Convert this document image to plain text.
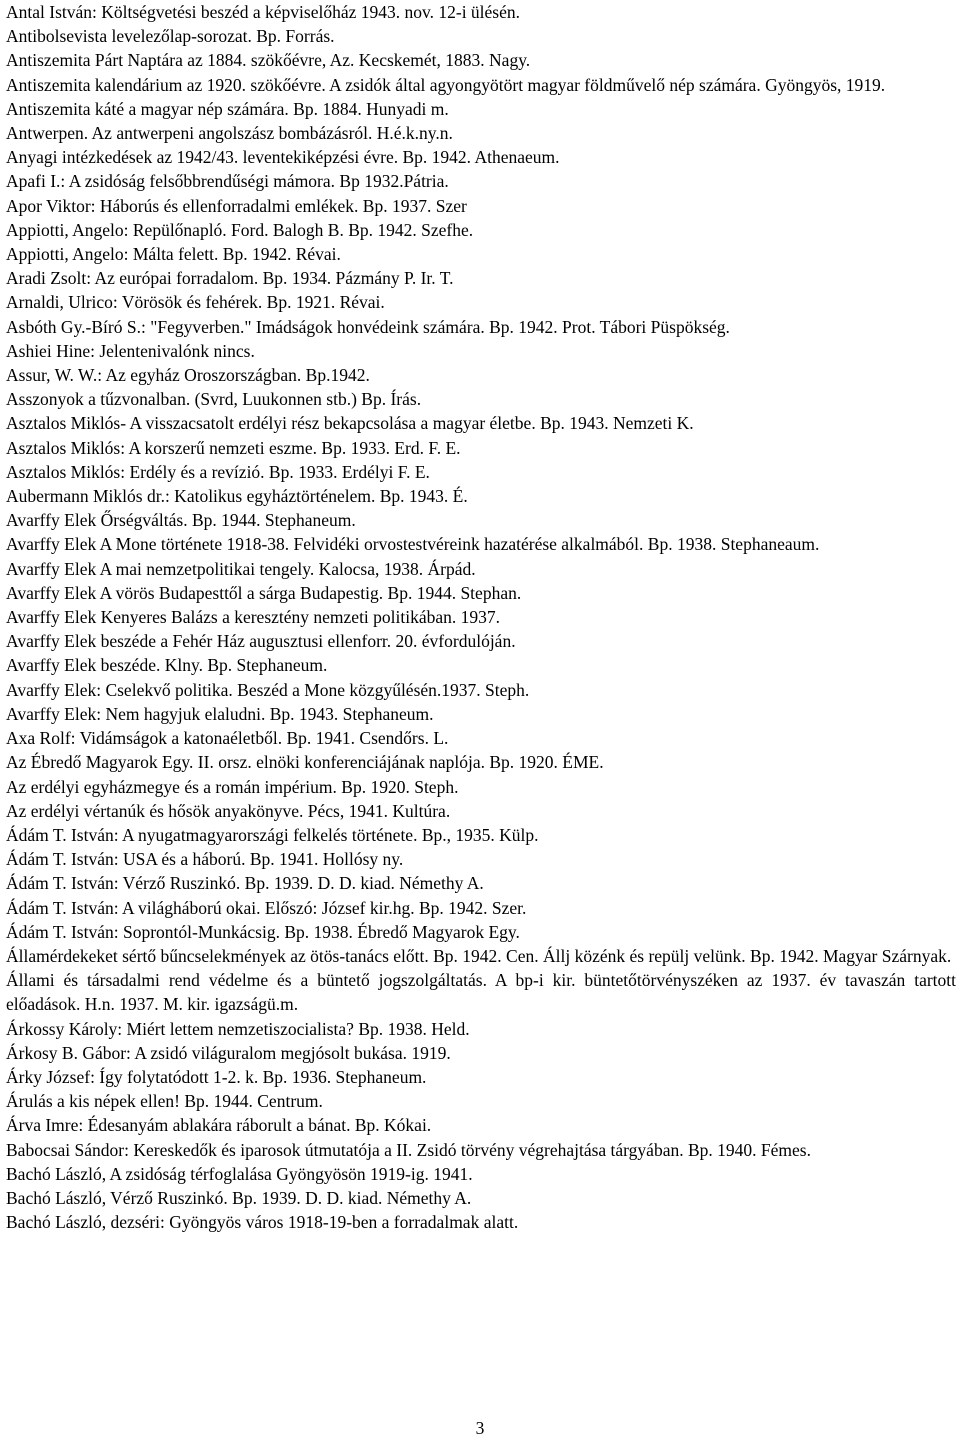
Antal István: Költségvetési beszéd a képviselőház 1943. nov. 12-i ülésén.
Antibolsevista levelezőlap-sorozat. Bp. Forrás.
Antiszemita Párt Naptára az 1884. szökőévre, Az. Kecskemét, 1883. Nagy.
Antiszemita kalendárium az 1920. szökőévre. A zsidók által agyongyötört magyar földművelő nép számára. Gyöngyös, 1919.
Antiszemita káté a magyar nép számára. Bp. 1884. Hunyadi m.
Antwerpen. Az antwerpeni angolszász bombázásról. H.é.k.ny.n.
Anyagi intézkedések az 1942/43. leventekiképzési évre. Bp. 1942. Athenaeum.
Apafi I.: A zsidóság felsőbbrendűségi mámora. Bp 1932.Pátria.
Apor Viktor: Háborús és ellenforradalmi emlékek. Bp. 1937. Szer
Appiotti, Angelo: Repülőnapló. Ford. Balogh B. Bp. 1942. Szefhe.
Appiotti, Angelo: Málta felett. Bp. 1942. Révai.
Aradi Zsolt: Az európai forradalom. Bp. 1934. Pázmány P. Ir. T.
Arnaldi, Ulrico: Vörösök és fehérek. Bp. 1921. Révai.
Asbóth Gy.-Bíró S.: "Fegyverben." Imádságok honvédeink számára. Bp. 1942. Prot. Tábori Püspökség.
Ashiei Hine: Jelentenivalónk nincs.
Assur, W. W.: Az egyház Oroszországban. Bp.1942.
Asszonyok a tűzvonalban. (Svrd, Luukonnen stb.) Bp. Írás.
Asztalos Miklós- A visszacsatolt erdélyi rész bekapcsolása a magyar életbe. Bp. 1943. Nemzeti K.
Asztalos Miklós: A korszerű nemzeti eszme. Bp. 1933. Erd. F. E.
Asztalos Miklós: Erdély és a revízió. Bp. 1933. Erdélyi F. E.
Aubermann Miklós dr.: Katolikus egyháztörténelem. Bp. 1943. É.
Avarffy Elek Őrségváltás. Bp. 1944. Stephaneum.
Avarffy Elek A Mone története 1918-38. Felvidéki orvostestvéreink hazatérése alkalmából. Bp. 1938. Stephaneaum.
Avarffy Elek A mai nemzetpolitikai tengely. Kalocsa, 1938. Árpád.
Avarffy Elek A vörös Budapesttől a sárga Budapestig. Bp. 1944. Stephan.
Avarffy Elek Kenyeres Balázs a keresztény nemzeti politikában. 1937.
Avarffy Elek beszéde a Fehér Ház augusztusi ellenforr. 20. évfordulóján.
Avarffy Elek beszéde. Klny. Bp. Stephaneum.
Avarffy Elek: Cselekvő politika. Beszéd a Mone közgyűlésén.1937. Steph.
Avarffy Elek: Nem hagyjuk elaludni. Bp. 1943. Stephaneum.
Axa Rolf: Vidámságok a katonaéletből. Bp. 1941. Csendőrs. L.
Az Ébredő Magyarok Egy. II. orsz. elnöki konferenciájának naplója. Bp. 1920. ÉME.
Az erdélyi egyházmegye és a román impérium. Bp. 1920. Steph.
Az erdélyi vértanúk és hősök anyakönyve. Pécs, 1941. Kultúra.
Ádám T. István: A nyugatmagyarországi felkelés története. Bp., 1935. Külp.
Ádám T. István: USA és a háború. Bp. 1941. Hollósy ny.
Ádám T. István: Vérző Ruszinkó. Bp. 1939. D. D. kiad. Némethy A.
Ádám T. István: A világháború okai. Előszó: József kir.hg. Bp. 1942. Szer.
Ádám T. István: Soprontól-Munkácsig. Bp. 1938. Ébredő Magyarok Egy.
Államérdekeket sértő bűncselekmények az ötös-tanács előtt. Bp. 1942. Cen. Állj közénk és repülj velünk. Bp. 1942. Magyar Szárnyak.
Állami és társadalmi rend védelme és a büntető jogszolgáltatás. A bp-i kir. büntetőtörvényszéken az 1937. év tavaszán tartott előadások. H.n. 1937. M. kir. igazságü.m.
Árkossy Károly: Miért lettem nemzetiszocialista? Bp. 1938. Held.
Árkosy B. Gábor: A zsidó világuralom megjósolt bukása. 1919.
Árky József: Így folytatódott 1-2. k. Bp. 1936. Stephaneum.
Árulás a kis népek ellen! Bp. 1944. Centrum.
Árva Imre: Édesanyám ablakára ráborult a bánat. Bp. Kókai.
Babocsai Sándor: Kereskedők és iparosok útmutatója a II. Zsidó törvény végrehajtása tárgyában. Bp. 1940. Fémes.
Bachó László, A zsidóság térfoglalása Gyöngyösön 1919-ig. 1941.
Bachó László, Vérző Ruszinkó. Bp. 1939. D. D. kiad. Némethy A.
Bachó László, dezséri: Gyöngyös város 1918-19-ben a forradalmak alatt.
3
